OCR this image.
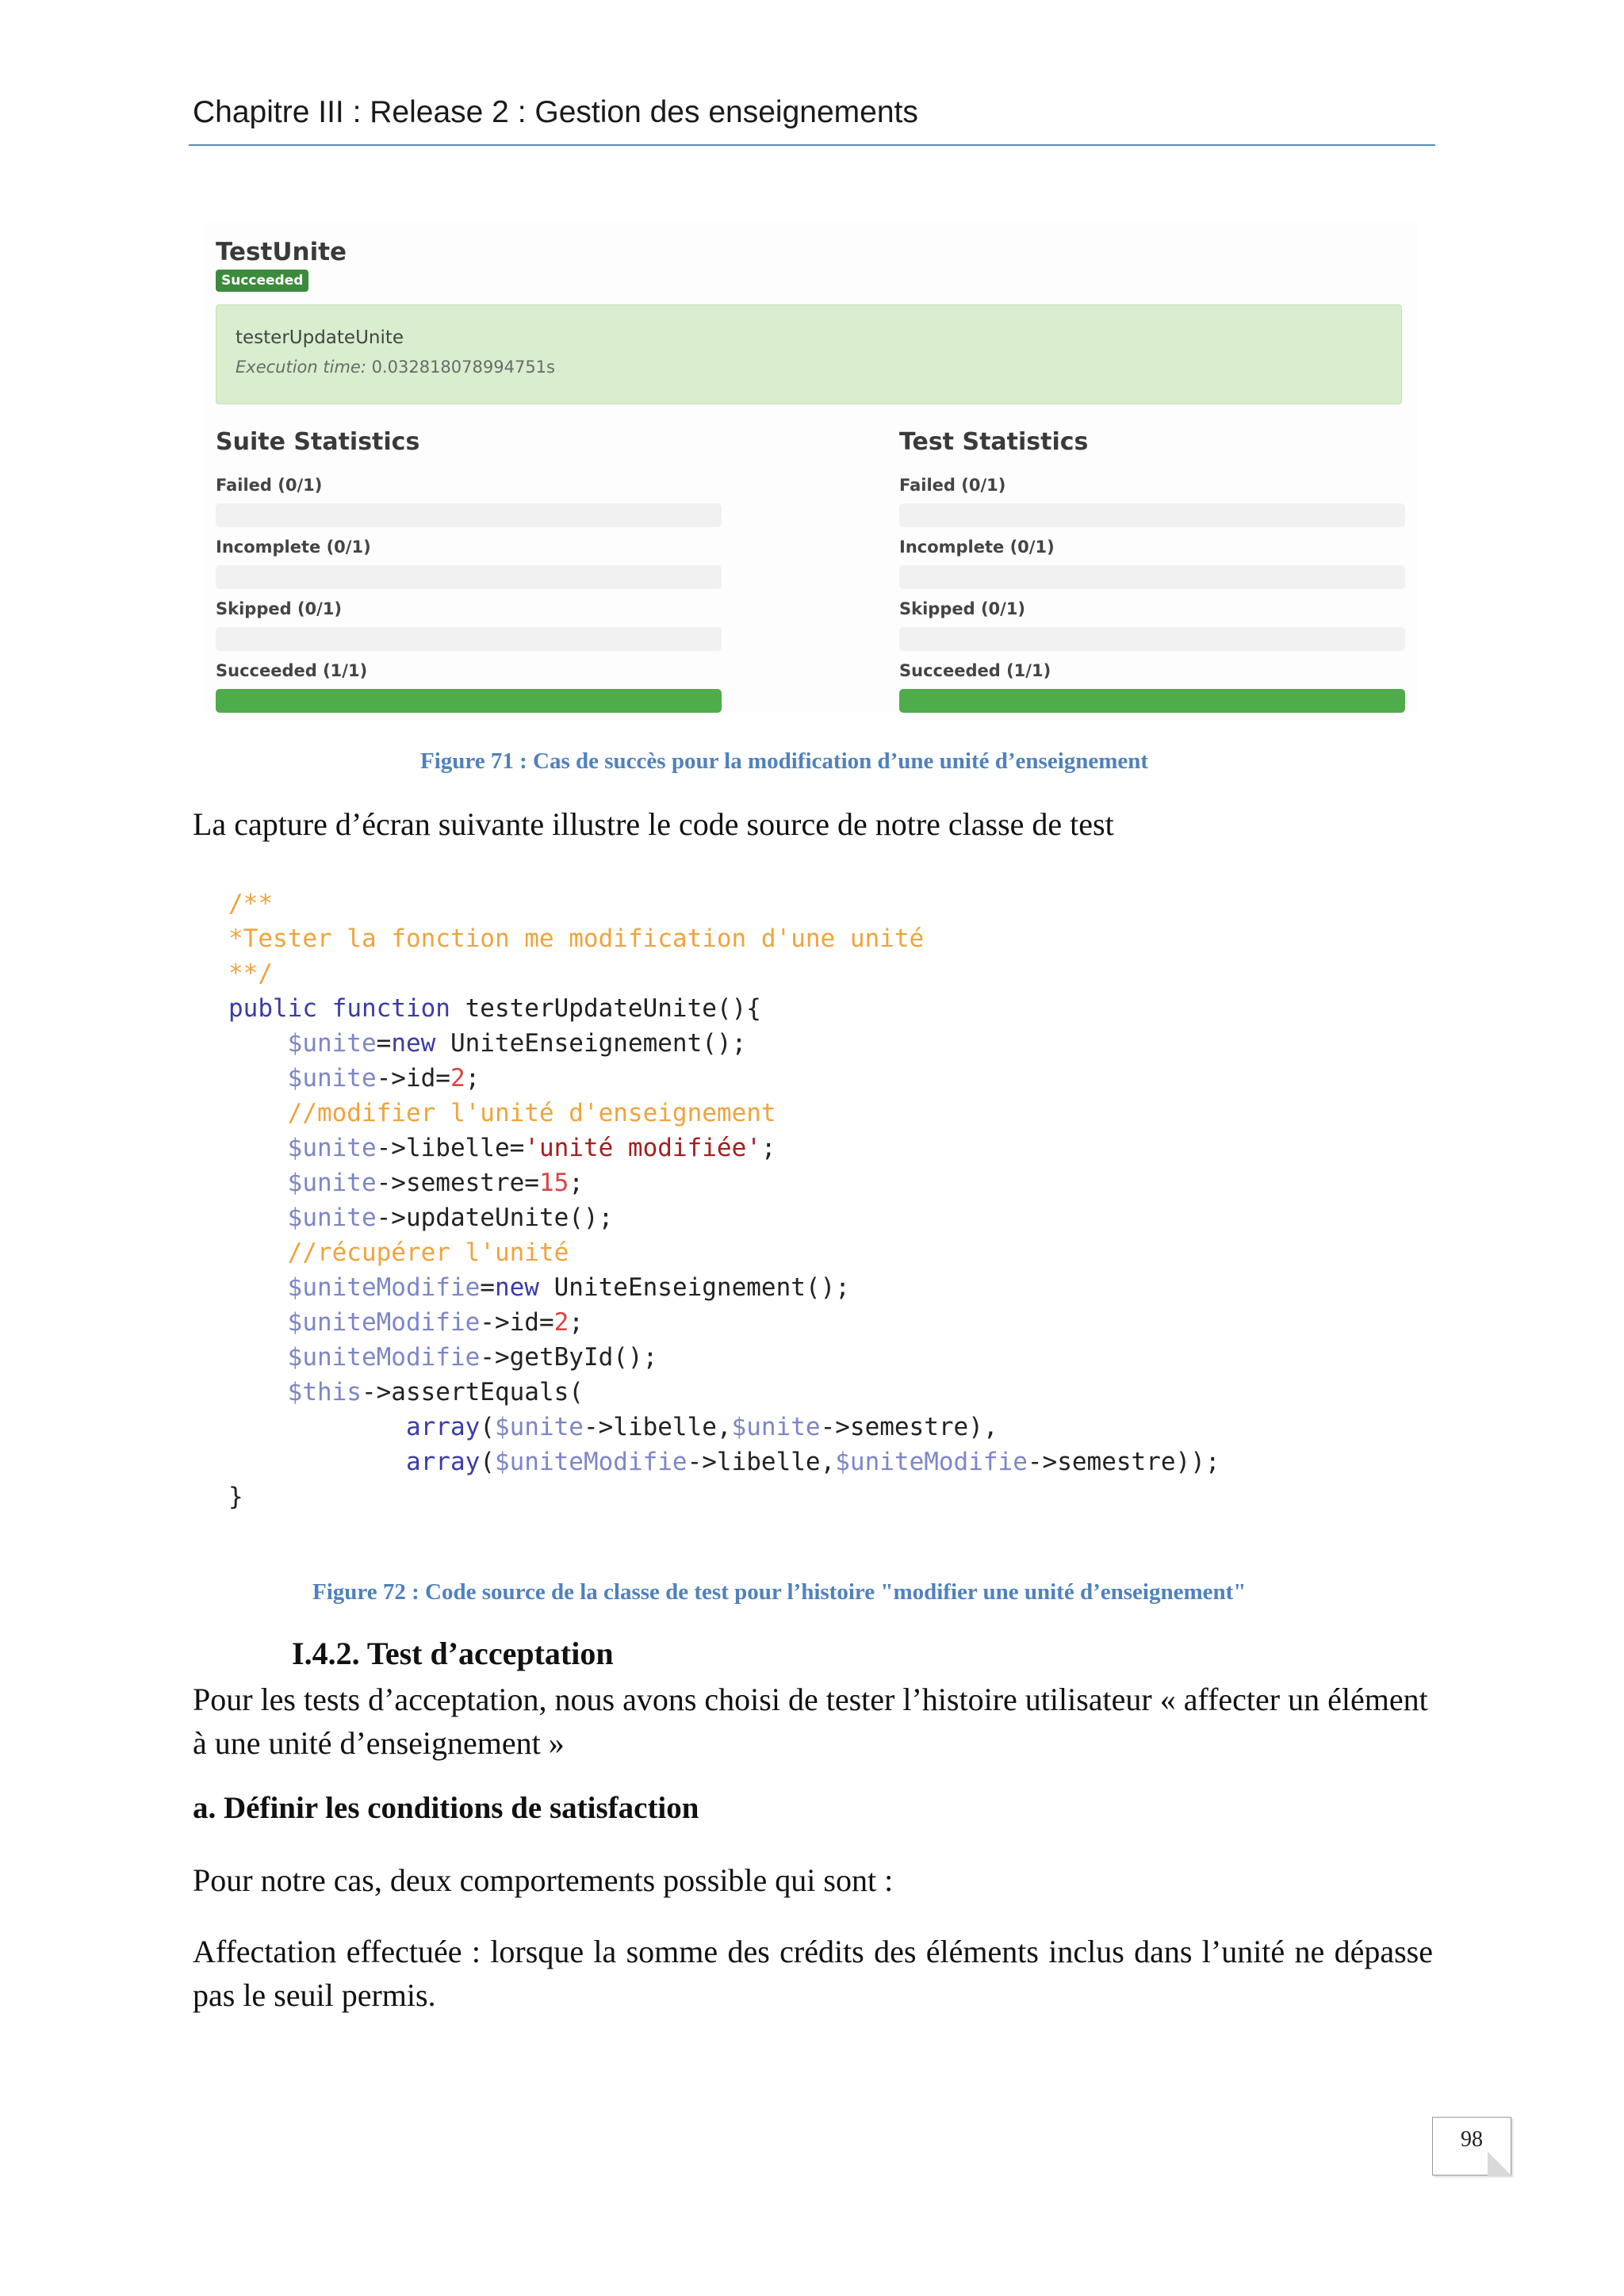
Chapitre III : Release 2 : Gestion des enseignements
TestUnite
Succeeded
testerUpdateUnite
Execution time: 0.032818078994751s
Suite Statistics
Failed (0/1)
Incomplete (0/1)
Skipped (0/1)
Succeeded (1/1)
Test Statistics
Failed (0/1)
Incomplete (0/1)
Skipped (0/1)
Succeeded (1/1)
Figure 71 : Cas de succès pour la modification d’une unité d’enseignement
La capture d’écran suivante illustre le code source de notre classe de test
/**
*Tester la fonction me modification d'une unité
**/
public function testerUpdateUnite(){
$unite=new UniteEnseignement();
$unite->id=2;
//modifier l'unité d'enseignement
$unite->libelle='unité modifiée';
$unite->semestre=15;
$unite->updateUnite();
//récupérer l'unité
$uniteModifie=new UniteEnseignement();
$uniteModifie->id=2;
$uniteModifie->getById();
$this->assertEquals(
array($unite->libelle,$unite->semestre),
array($uniteModifie->libelle,$uniteModifie->semestre));
}
Figure 72 : Code source de la classe de test pour l’histoire "modifier une unité d’enseignement"
I.4.2. Test d’acceptation
Pour les tests d’acceptation, nous avons choisi de tester l’histoire utilisateur « affecter un élément à une unité d’enseignement »
a. Définir les conditions de satisfaction
Pour notre cas, deux comportements possible qui sont :
Affectation effectuée : lorsque la somme des crédits des éléments inclus dans l’unité ne dépasse pas le seuil permis.
98
